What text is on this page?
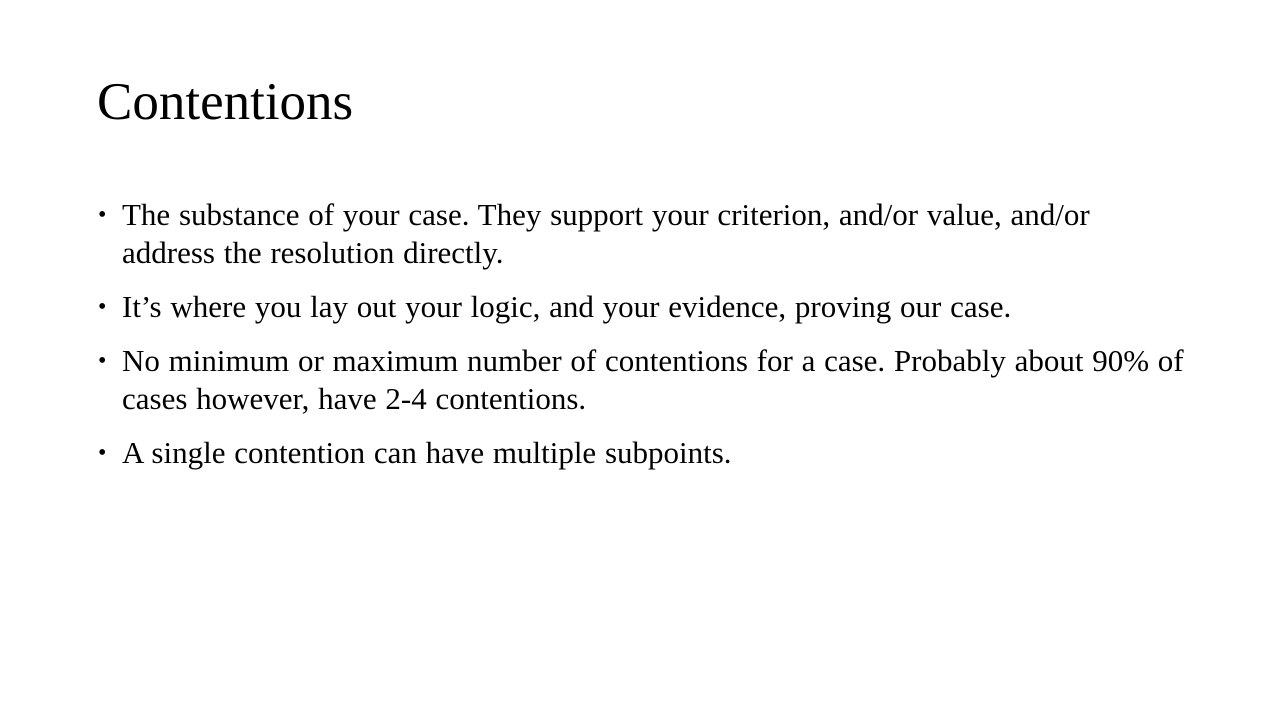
Contentions
• The substance of your case. They support your criterion, and/or value, and/or address the resolution directly.
• It’s where you lay out your logic, and your evidence, proving our case.
• No minimum or maximum number of contentions for a case. Probably about 90% of cases however, have 2-4 contentions.
• A single contention can have multiple subpoints.
